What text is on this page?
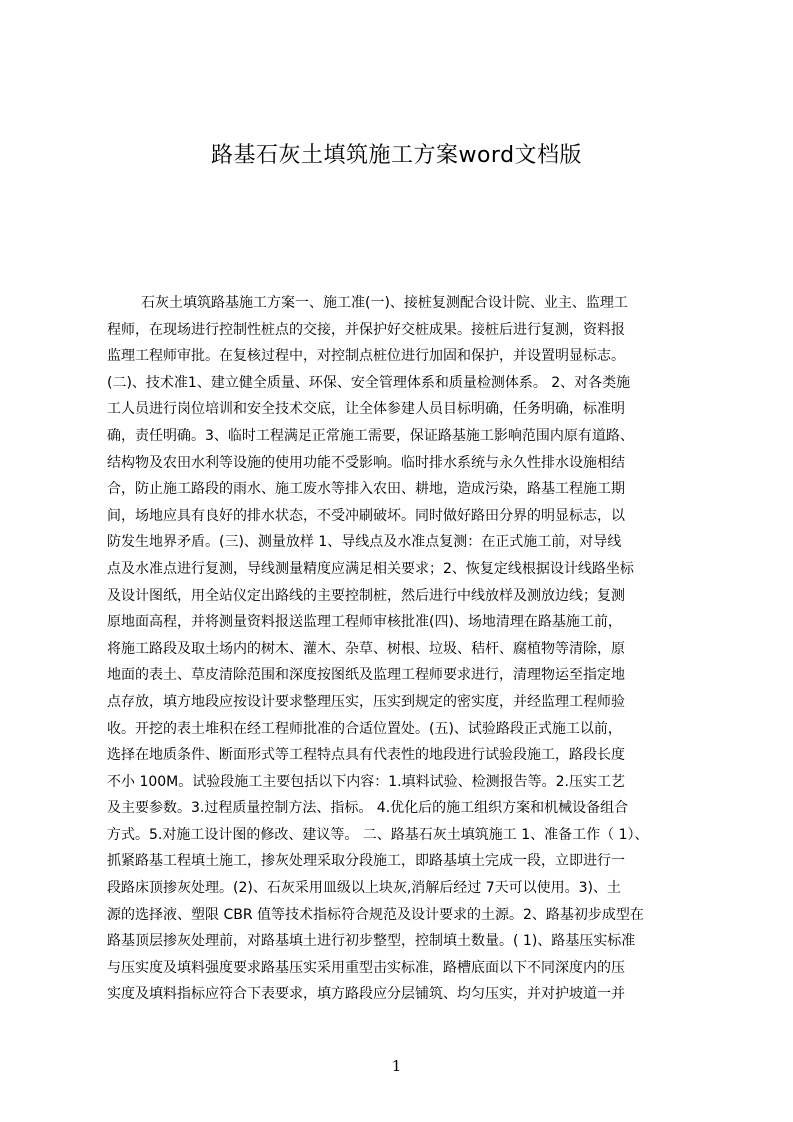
路基石灰土填筑施工方案word文档版
石灰土填筑路基施工方案一、施工准(一)、接桩复测配合设计院、业主、监理工
程师，在现场进行控制性桩点的交接，并保护好交桩成果。接桩后进行复测，资料报
监理工程师审批。在复核过程中，对控制点桩位进行加固和保护，并设置明显标志。
(二)、技术准1、建立健全质量、环保、安全管理体系和质量检测体系。 2、对各类施
工人员进行岗位培训和安全技术交底，让全体参建人员目标明确，任务明确，标准明
确，责任明确。3、临时工程满足正常施工需要，保证路基施工影响范围内原有道路、
结构物及农田水利等设施的使用功能不受影响。临时排水系统与永久性排水设施相结
合，防止施工路段的雨水、施工废水等排入农田、耕地，造成污染，路基工程施工期
间，场地应具有良好的排水状态，不受冲刷破坏。同时做好路田分界的明显标志，以
防发生地界矛盾。(三)、测量放样 1、导线点及水准点复测：在正式施工前，对导线
点及水准点进行复测，导线测量精度应满足相关要求；2、恢复定线根据设计线路坐标
及设计图纸，用全站仪定出路线的主要控制桩，然后进行中线放样及测放边线；复测
原地面高程，并将测量资料报送监理工程师审核批准(四)、场地清理在路基施工前，
将施工路段及取土场内的树木、灌木、杂草、树根、垃圾、秸杆、腐植物等清除，原
地面的表土、草皮清除范围和深度按图纸及监理工程师要求进行，清理物运至指定地
点存放，填方地段应按设计要求整理压实，压实到规定的密实度，并经监理工程师验
收。开挖的表土堆积在经工程师批准的合适位置处。(五)、试验路段正式施工以前，
选择在地质条件、断面形式等工程特点具有代表性的地段进行试验段施工，路段长度
不小 100M。试验段施工主要包括以下内容：1.填料试验、检测报告等。2.压实工艺
及主要参数。3.过程质量控制方法、指标。 4.优化后的施工组织方案和机械设备组合
方式。5.对施工设计图的修改、建议等。 二、路基石灰土填筑施工 1、准备工作（ 1）、
抓紧路基工程填土施工，掺灰处理采取分段施工，即路基填土完成一段，立即进行一
段路床顶掺灰处理。(2)、石灰采用皿级以上块灰,消解后经过 7天可以使用。3)、土
源的选择液、塑限 CBR 值等技术指标符合规范及设计要求的土源。2、路基初步成型在
路基顶层掺灰处理前，对路基填土进行初步整型，控制填土数量。( 1)、路基压实标准
与压实度及填料强度要求路基压实采用重型击实标准，路槽底面以下不同深度内的压
实度及填料指标应符合下表要求，填方路段应分层铺筑、均匀压实，并对护坡道一并
1
